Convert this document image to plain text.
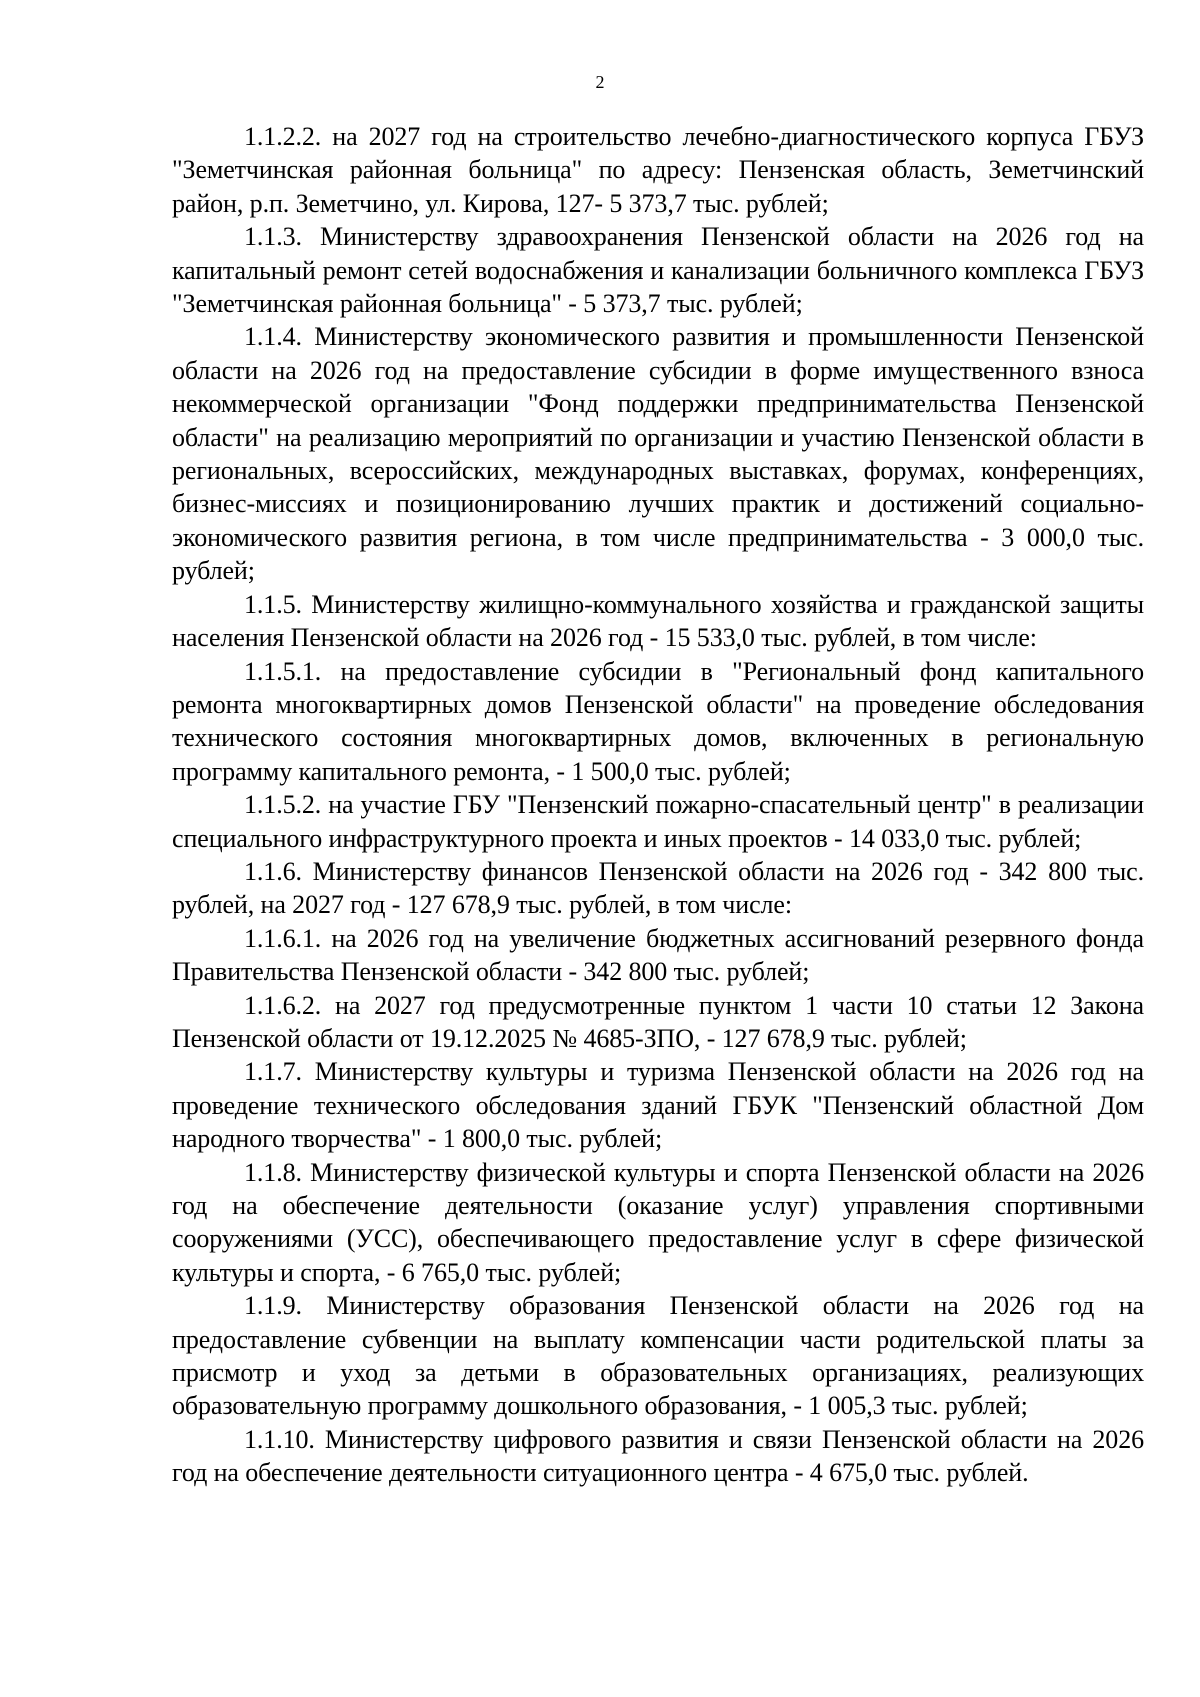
2

1.1.2.2. на 2027 год на строительство лечебно-диагностического корпуса ГБУЗ "Земетчинская районная больница" по адресу: Пензенская область, Земетчинский район, р.п. Земетчино, ул. Кирова, 127- 5 373,7 тыс. рублей;

1.1.3. Министерству здравоохранения Пензенской области на 2026 год на капитальный ремонт сетей водоснабжения и канализации больничного комплекса ГБУЗ "Земетчинская районная больница" - 5 373,7 тыс. рублей;

1.1.4. Министерству экономического развития и промышленности Пензенской области на 2026 год на предоставление субсидии в форме имущественного взноса некоммерческой организации "Фонд поддержки предпринимательства Пензенской области" на реализацию мероприятий по организации и участию Пензенской области в региональных, всероссийских, международных выставках, форумах, конференциях, бизнес-миссиях и позиционированию лучших практик и достижений социально-экономического развития региона, в том числе предпринимательства - 3 000,0 тыс. рублей;

1.1.5. Министерству жилищно-коммунального хозяйства и гражданской защиты населения Пензенской области на 2026 год - 15 533,0 тыс. рублей, в том числе:

1.1.5.1. на предоставление субсидии в "Региональный фонд капитального ремонта многоквартирных домов Пензенской области" на проведение обследования технического состояния многоквартирных домов, включенных в региональную программу капитального ремонта, - 1 500,0 тыс. рублей;

1.1.5.2. на участие ГБУ "Пензенский пожарно-спасательный центр" в реализации специального инфраструктурного проекта и иных проектов - 14 033,0 тыс. рублей;

1.1.6. Министерству финансов Пензенской области на 2026 год - 342 800 тыс. рублей, на 2027 год - 127 678,9 тыс. рублей, в том числе:

1.1.6.1. на 2026 год на увеличение бюджетных ассигнований резервного фонда Правительства Пензенской области - 342 800 тыс. рублей;

1.1.6.2. на 2027 год предусмотренные пунктом 1 части 10 статьи 12 Закона Пензенской области от 19.12.2025 № 4685-ЗПО, - 127 678,9 тыс. рублей;

1.1.7. Министерству культуры и туризма Пензенской области на 2026 год на проведение технического обследования зданий ГБУК "Пензенский областной Дом народного творчества" - 1 800,0 тыс. рублей;

1.1.8. Министерству физической культуры и спорта Пензенской области на 2026 год на обеспечение деятельности (оказание услуг) управления спортивными сооружениями (УСС), обеспечивающего предоставление услуг в сфере физической культуры и спорта, - 6 765,0 тыс. рублей;

1.1.9. Министерству образования Пензенской области на 2026 год на предоставление субвенции на выплату компенсации части родительской платы за присмотр и уход за детьми в образовательных организациях, реализующих образовательную программу дошкольного образования, - 1 005,3 тыс. рублей;

1.1.10. Министерству цифрового развития и связи Пензенской области на 2026 год на обеспечение деятельности ситуационного центра - 4 675,0 тыс. рублей.
